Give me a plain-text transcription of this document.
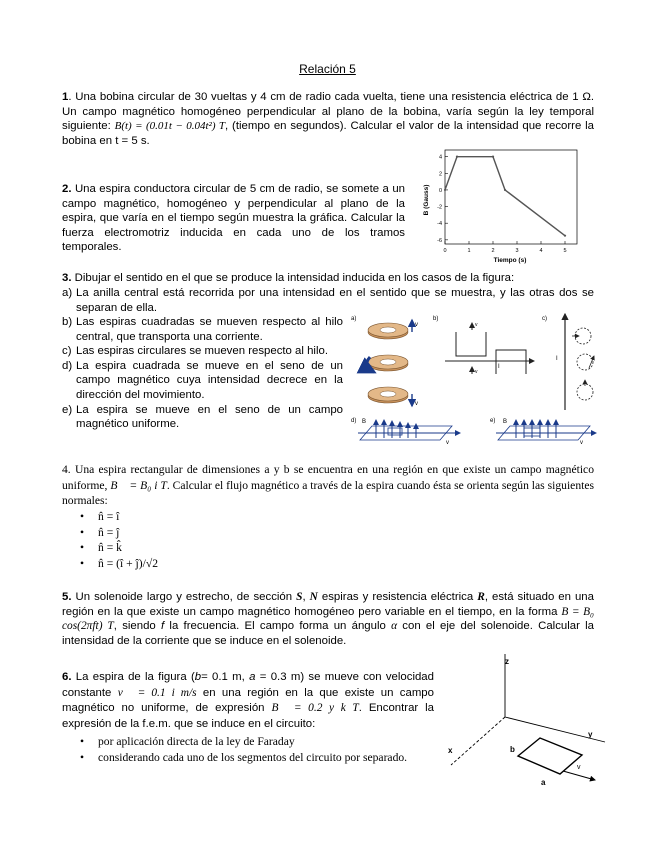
Relación 5
1. Una bobina circular de 30 vueltas y 4 cm de radio cada vuelta, tiene una resistencia eléctrica de 1 Ω. Un campo magnético homogéneo perpendicular al plano de la bobina, varía según la ley temporal siguiente: B(t) = (0.01t − 0.04t²) T, (tiempo en segundos). Calcular el valor de la intensidad que recorre la bobina en t = 5 s.
2. Una espira conductora circular de 5 cm de radio, se somete a un campo magnético, homogéneo y perpendicular al plano de la espira, que varía en el tiempo según muestra la gráfica. Calcular la fuerza electromotriz inducida en cada uno de los tramos temporales.
4
2
0
-2
-4
-6
0	1	2	3	4	5
Tiempo (s)
B (Gauss)
3. Dibujar el sentido en el que se produce la intensidad inducida en los casos de la figura:
a) La anilla central está recorrida por una intensidad en el sentido que se muestra, y las otras dos se separan de ella.
b) Las espiras cuadradas se mueven respecto al hilo central, que transporta una corriente.
c) Las espiras circulares se mueven respecto al hilo.
d) La espira cuadrada se mueve en el seno de un campo magnético cuya intensidad decrece en la dirección del movimiento.
e) La espira se mueve en el seno de un campo magnético uniforme.
a)
v
v
b)
I
v
v
c)
I
d) B
v
e) B
v
4. Una espira rectangular de dimensiones a y b se encuentra en una región en que existe un campo magnético uniforme, B⃗ = B₀ i T. Calcular el flujo magnético a través de la espira cuando ésta se orienta según las siguientes normales:
• n̂ = î
• n̂ = ĵ
• n̂ = k̂
• n̂ = (î + ĵ)/√2
5. Un solenoide largo y estrecho, de sección S, N espiras y resistencia eléctrica R, está situado en una región en la que existe un campo magnético homogéneo pero variable en el tiempo, en la forma B = B₀ cos(2πft) T, siendo f la frecuencia. El campo forma un ángulo α con el eje del solenoide. Calcular la intensidad de la corriente que se induce en el solenoide.
6. La espira de la figura (b= 0.1 m, a = 0.3 m) se mueve con velocidad constante v⃗ = 0.1 i m/s en una región en la que existe un campo magnético no uniforme, de expresión B⃗ = 0.2 y k T. Encontrar la expresión de la f.e.m. que se induce en el circuito:
• por aplicación directa de la ley de Faraday
• considerando cada uno de los segmentos del circuito por separado.
z
y
x	b
a
v
